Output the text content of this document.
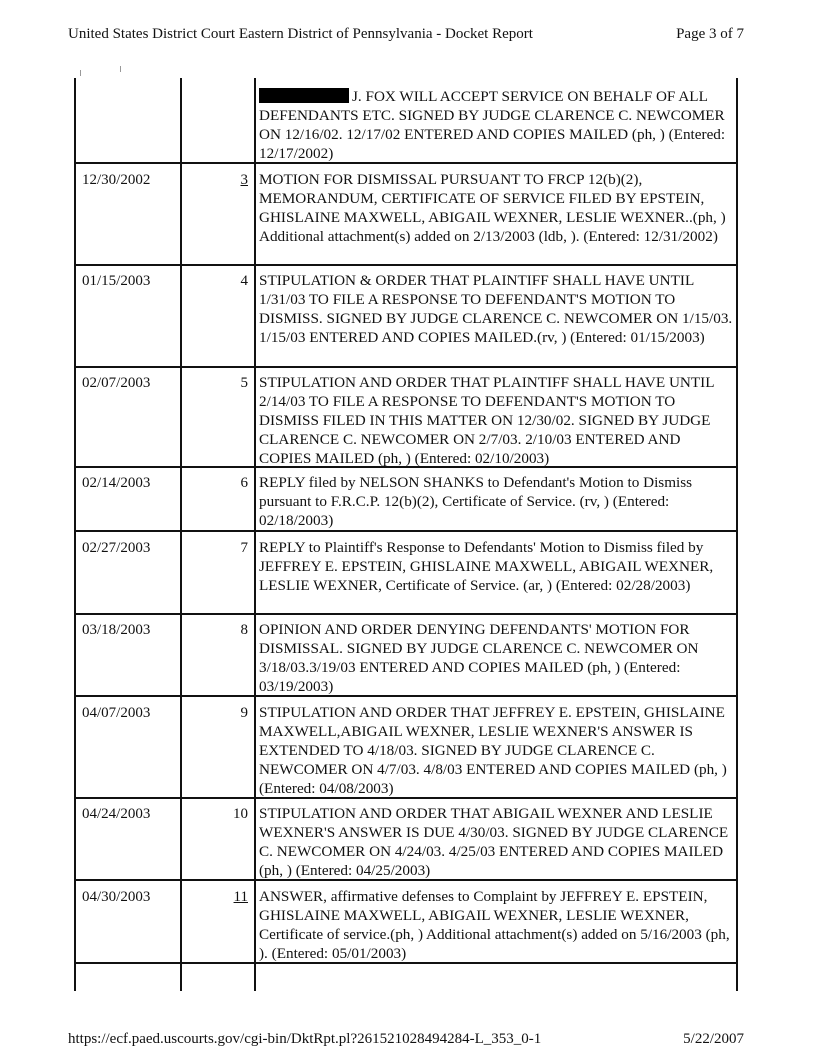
United States District Court Eastern District of Pennsylvania - Docket Report	Page 3 of 7
J. FOX WILL ACCEPT SERVICE ON BEHALF OF ALL DEFENDANTS ETC. SIGNED BY JUDGE CLARENCE C. NEWCOMER ON 12/16/02. 12/17/02 ENTERED AND COPIES MAILED (ph, ) (Entered: 12/17/2002)
12/30/2002	3 MOTION FOR DISMISSAL PURSUANT TO FRCP 12(b)(2), MEMORANDUM, CERTIFICATE OF SERVICE FILED BY EPSTEIN, GHISLAINE MAXWELL, ABIGAIL WEXNER, LESLIE WEXNER..(ph, ) Additional attachment(s) added on 2/13/2003 (ldb, ). (Entered: 12/31/2002)
01/15/2003	4 STIPULATION & ORDER THAT PLAINTIFF SHALL HAVE UNTIL 1/31/03 TO FILE A RESPONSE TO DEFENDANT'S MOTION TO DISMISS. SIGNED BY JUDGE CLARENCE C. NEWCOMER ON 1/15/03. 1/15/03 ENTERED AND COPIES MAILED.(rv, ) (Entered: 01/15/2003)
02/07/2003	5 STIPULATION AND ORDER THAT PLAINTIFF SHALL HAVE UNTIL 2/14/03 TO FILE A RESPONSE TO DEFENDANT'S MOTION TO DISMISS FILED IN THIS MATTER ON 12/30/02. SIGNED BY JUDGE CLARENCE C. NEWCOMER ON 2/7/03. 2/10/03 ENTERED AND COPIES MAILED (ph, ) (Entered: 02/10/2003)
02/14/2003	6 REPLY filed by NELSON SHANKS to Defendant's Motion to Dismiss pursuant to F.R.C.P. 12(b)(2), Certificate of Service. (rv, ) (Entered: 02/18/2003)
02/27/2003	7 REPLY to Plaintiff's Response to Defendants' Motion to Dismiss filed by JEFFREY E. EPSTEIN, GHISLAINE MAXWELL, ABIGAIL WEXNER, LESLIE WEXNER, Certificate of Service. (ar, ) (Entered: 02/28/2003)
03/18/2003	8 OPINION AND ORDER DENYING DEFENDANTS' MOTION FOR DISMISSAL. SIGNED BY JUDGE CLARENCE C. NEWCOMER ON 3/18/03.3/19/03 ENTERED AND COPIES MAILED (ph, ) (Entered: 03/19/2003)
04/07/2003	9 STIPULATION AND ORDER THAT JEFFREY E. EPSTEIN, GHISLAINE MAXWELL,ABIGAIL WEXNER, LESLIE WEXNER'S ANSWER IS EXTENDED TO 4/18/03. SIGNED BY JUDGE CLARENCE C. NEWCOMER ON 4/7/03. 4/8/03 ENTERED AND COPIES MAILED (ph, ) (Entered: 04/08/2003)
04/24/2003	10 STIPULATION AND ORDER THAT ABIGAIL WEXNER AND LESLIE WEXNER'S ANSWER IS DUE 4/30/03. SIGNED BY JUDGE CLARENCE C. NEWCOMER ON 4/24/03. 4/25/03 ENTERED AND COPIES MAILED (ph, ) (Entered: 04/25/2003)
04/30/2003	11 ANSWER, affirmative defenses to Complaint by JEFFREY E. EPSTEIN, GHISLAINE MAXWELL, ABIGAIL WEXNER, LESLIE WEXNER, Certificate of service.(ph, ) Additional attachment(s) added on 5/16/2003 (ph, ). (Entered: 05/01/2003)
https://ecf.paed.uscourts.gov/cgi-bin/DktRpt.pl?261521028494284-L_353_0-1	5/22/2007
